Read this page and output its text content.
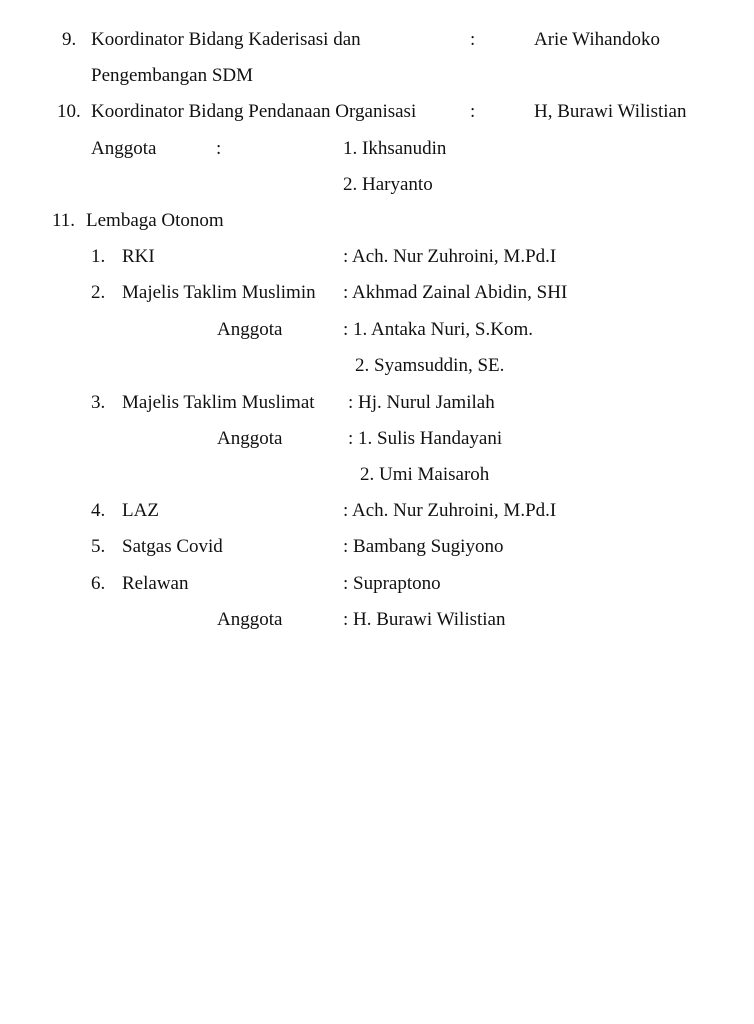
9. Koordinator Bidang Kaderisasi dan	:	Arie Wihandoko
Pengembangan SDM
10. Koordinator Bidang Pendanaan Organisasi	:	H, Burawi Wilistian
Anggota	:	1. Ikhsanudin
2. Haryanto
11. Lembaga Otonom
1. RKI	: Ach. Nur Zuhroini, M.Pd.I
2. Majelis Taklim Muslimin : Akhmad Zainal Abidin, SHI
Anggota	: 1. Antaka Nuri, S.Kom.
2. Syamsuddin, SE.
3. Majelis Taklim Muslimat : Hj. Nurul Jamilah
Anggota	: 1. Sulis Handayani
2. Umi Maisaroh
4. LAZ	: Ach. Nur Zuhroini, M.Pd.I
5. Satgas Covid	: Bambang Sugiyono
6. Relawan	: Supraptono
Anggota	: H. Burawi Wilistian
